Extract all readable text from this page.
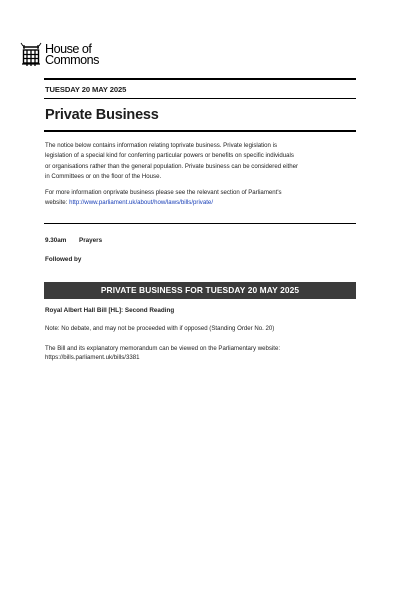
House of
Commons
TUESDAY 20 MAY 2025
Private Business
The notice below contains information relating toprivate business. Private legislation is
legislation of a special kind for conferring particular powers or benefits on specific individuals
or organisations rather than the general population. Private business can be considered either
in Committees or on the floor of the House.
For more information onprivate business please see the relevant section of Parliament's
website: http://www.parliament.uk/about/how/laws/bills/private/
9.30am Prayers
Followed by
PRIVATE BUSINESS FOR TUESDAY 20 MAY 2025
Royal Albert Hall Bill [HL]: Second Reading
Note: No debate, and may not be proceeded with if opposed (Standing Order No. 20)
The Bill and its explanatory memorandum can be viewed on the Parliamentary website:
https://bills.parliament.uk/bills/3381
